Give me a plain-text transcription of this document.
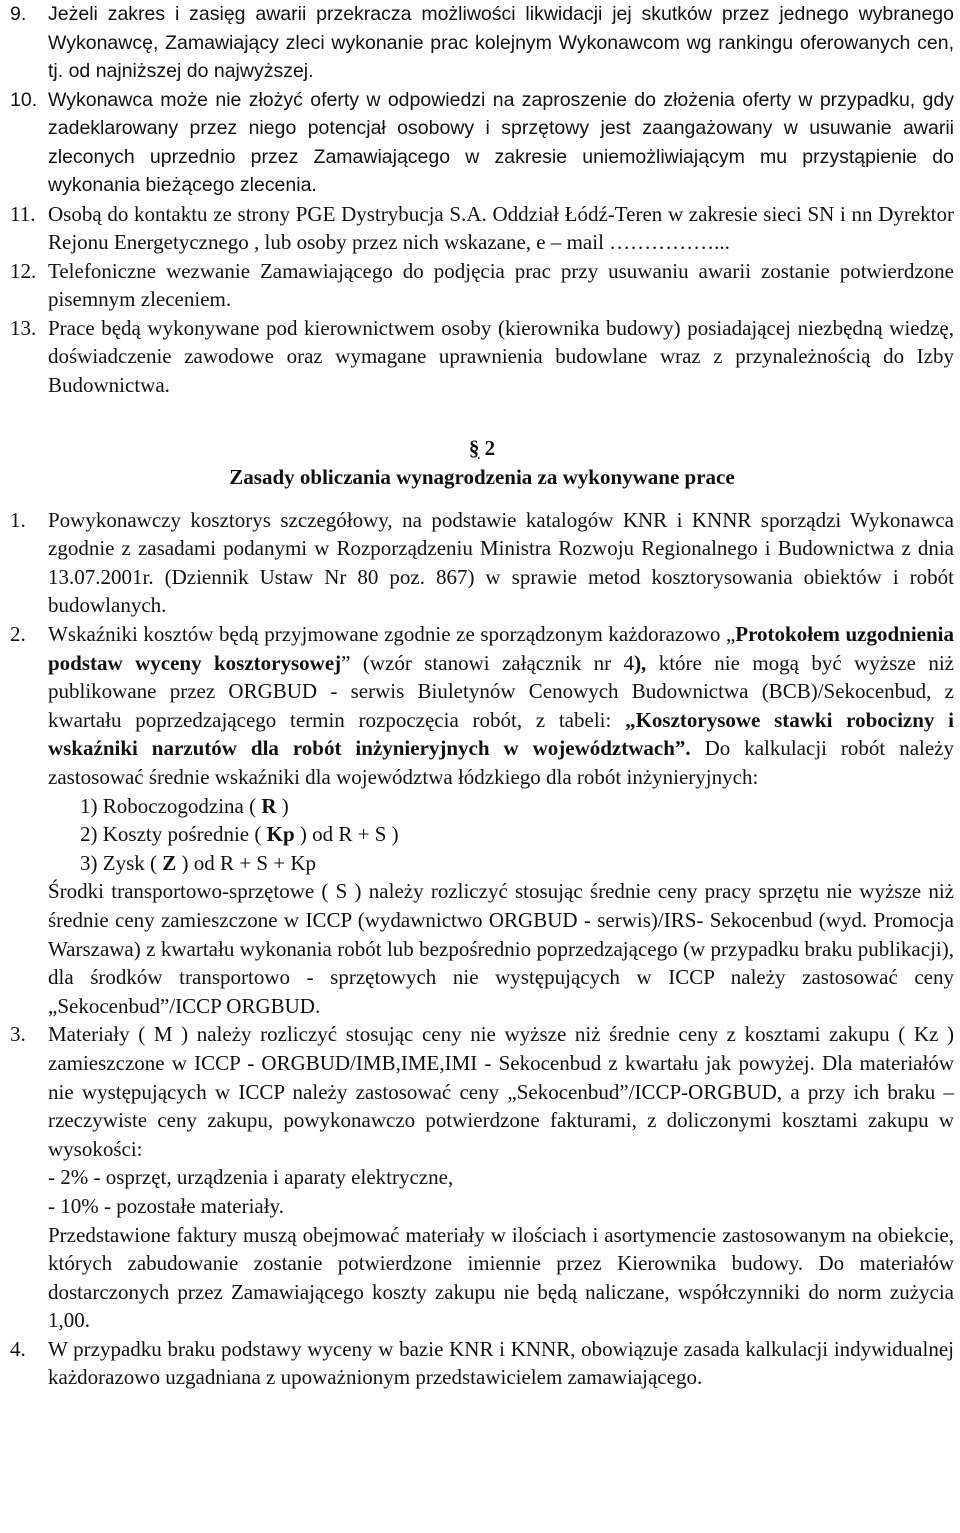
9. Jeżeli zakres i zasięg awarii przekracza możliwości likwidacji jej skutków przez jednego wybranego Wykonawcę, Zamawiający zleci wykonanie prac kolejnym Wykonawcom wg rankingu oferowanych cen, tj. od najniższej do najwyższej.
10. Wykonawca może nie złożyć oferty w odpowiedzi na zaproszenie do złożenia oferty w przypadku, gdy zadeklarowany przez niego potencjał osobowy i sprzętowy jest zaangażowany w usuwanie awarii zleconych uprzednio przez Zamawiającego w zakresie uniemożliwiającym mu przystąpienie do wykonania bieżącego zlecenia.
11. Osobą do kontaktu ze strony PGE Dystrybucja S.A. Oddział Łódź-Teren w zakresie sieci SN i nn Dyrektor Rejonu Energetycznego , lub osoby przez nich wskazane, e – mail ……………...
12. Telefoniczne wezwanie Zamawiającego do podjęcia prac przy usuwaniu awarii zostanie potwierdzone pisemnym zleceniem.
13. Prace będą wykonywane pod kierownictwem osoby (kierownika budowy) posiadającej niezbędną wiedzę, doświadczenie zawodowe oraz wymagane uprawnienia budowlane wraz z przynależnością do Izby Budownictwa.
§ 2
Zasady obliczania wynagrodzenia za wykonywane prace
1. Powykonawczy kosztorys szczegółowy, na podstawie katalogów KNR i KNNR sporządzi Wykonawca zgodnie z zasadami podanymi w Rozporządzeniu Ministra Rozwoju Regionalnego i Budownictwa z dnia 13.07.2001r. (Dziennik Ustaw Nr 80 poz. 867) w sprawie metod kosztorysowania obiektów i robót budowlanych.
2. Wskaźniki kosztów będą przyjmowane zgodnie ze sporządzonym każdorazowo „Protokołem uzgodnienia podstaw wyceny kosztorysowej” (wzór stanowi załącznik nr 4), które nie mogą być wyższe niż publikowane przez ORGBUD - serwis Biuletynów Cenowych Budownictwa (BCB)/Sekocenbud, z kwartału poprzedzającego termin rozpoczęcia robót, z tabeli: „Kosztorysowe stawki robocizny i wskaźniki narzutów dla robót inżynieryjnych w województwach”. Do kalkulacji robót należy zastosować średnie wskaźniki dla województwa łódzkiego dla robót inżynieryjnych:
1) Roboczogodzina ( R )
2) Koszty pośrednie ( Kp ) od R + S )
3) Zysk ( Z ) od R + S + Kp
Środki transportowo-sprzętowe ( S ) należy rozliczyć stosując średnie ceny pracy sprzętu nie wyższe niż średnie ceny zamieszczone w ICCP (wydawnictwo ORGBUD - serwis)/IRS- Sekocenbud (wyd. Promocja Warszawa) z kwartału wykonania robót lub bezpośrednio poprzedzającego (w przypadku braku publikacji), dla środków transportowo - sprzętowych nie występujących w ICCP należy zastosować ceny „Sekocenbud”/ICCP ORGBUD.
3. Materiały ( M ) należy rozliczyć stosując ceny nie wyższe niż średnie ceny z kosztami zakupu ( Kz ) zamieszczone w ICCP - ORGBUD/IMB,IME,IMI - Sekocenbud z kwartału jak powyżej. Dla materiałów nie występujących w ICCP należy zastosować ceny „Sekocenbud”/ICCP-ORGBUD, a przy ich braku – rzeczywiste ceny zakupu, powykonawczo potwierdzone fakturami, z doliczonymi kosztami zakupu w wysokości:
- 2% - osprzęt, urządzenia i aparaty elektryczne,
- 10% - pozostałe materiały.
Przedstawione faktury muszą obejmować materiały w ilościach i asortymencie zastosowanym na obiekcie, których zabudowanie zostanie potwierdzone imiennie przez Kierownika budowy. Do materiałów dostarczonych przez Zamawiającego koszty zakupu nie będą naliczane, współczynniki do norm zużycia 1,00.
4. W przypadku braku podstawy wyceny w bazie KNR i KNNR, obowiązuje zasada kalkulacji indywidualnej każdorazowo uzgadniana z upoważnionym przedstawicielem zamawiającego.
